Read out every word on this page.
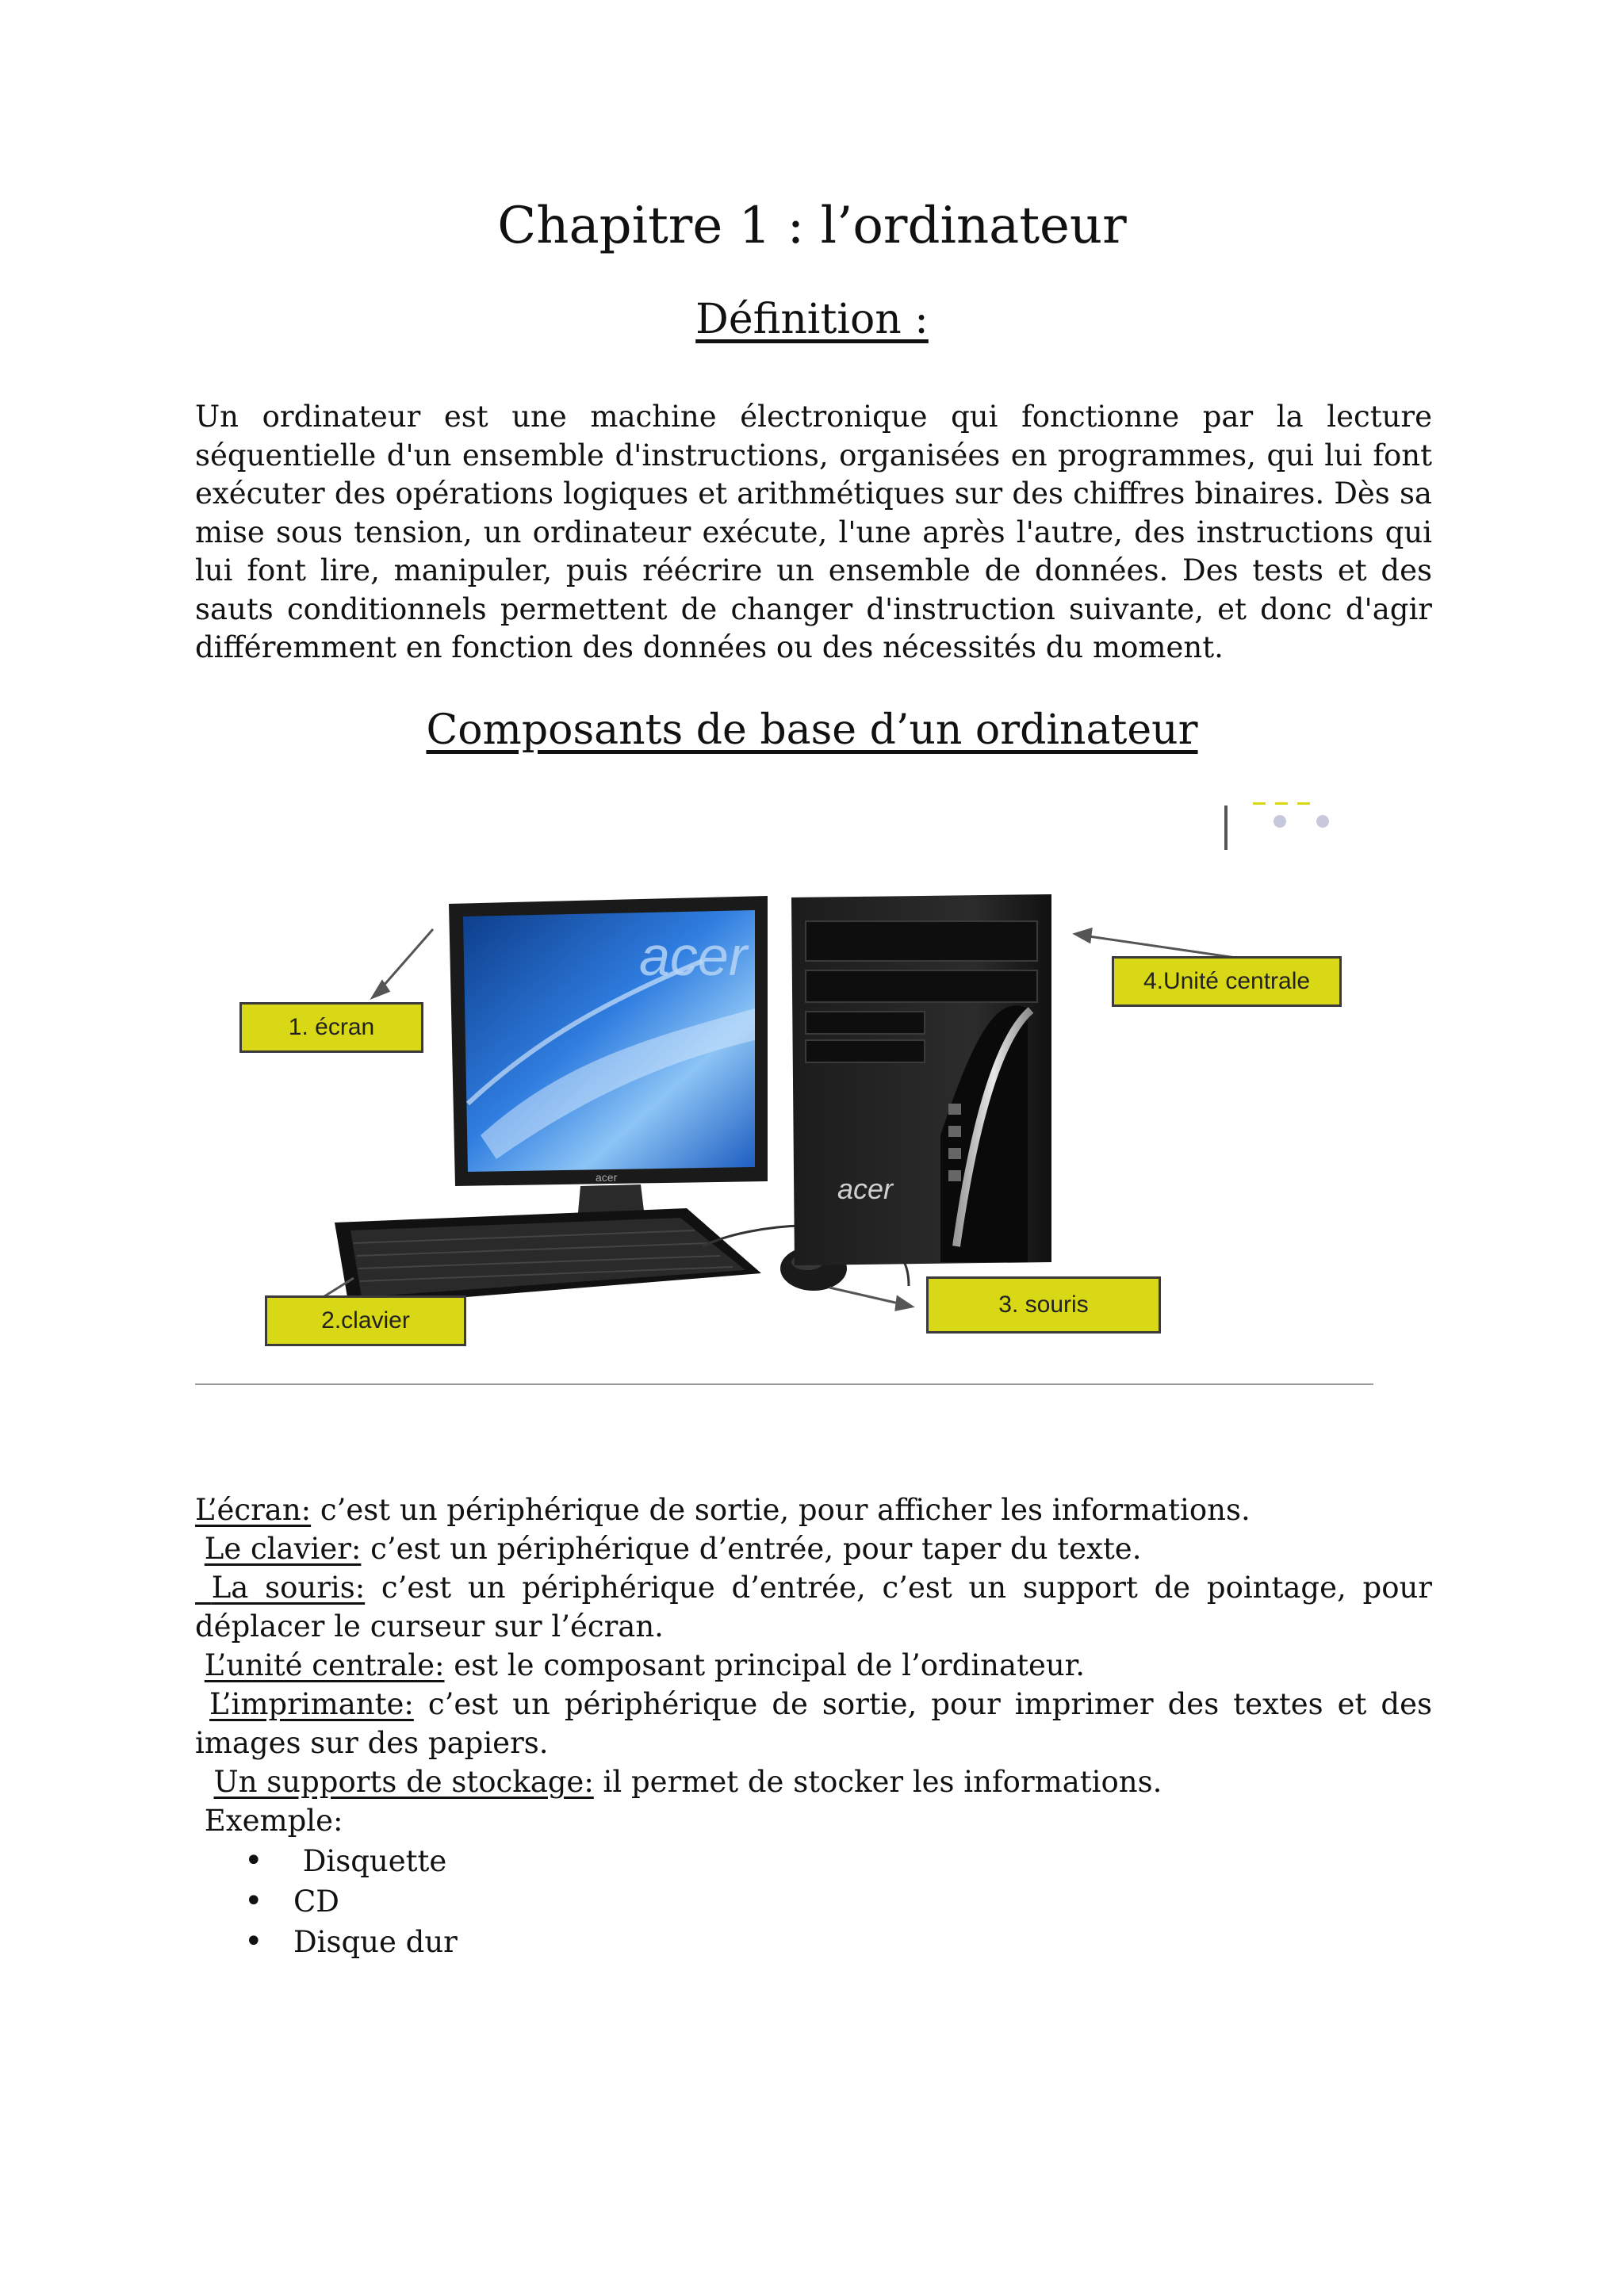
Chapitre 1 : l’ordinateur
Définition :

Un ordinateur est une machine électronique qui fonctionne par la lecture séquentielle d'un ensemble d'instructions, organisées en programmes, qui lui font exécuter des opérations logiques et arithmétiques sur des chiffres binaires. Dès sa mise sous tension, un ordinateur exécute, l'une après l'autre, des instructions qui lui font lire, manipuler, puis réécrire un ensemble de données. Des tests et des sauts conditionnels permettent de changer d'instruction suivante, et donc d'agir différemment en fonction des données ou des nécessités du moment.

Composants de base d’un ordinateur
acer
acer	acer
1. écran
4.Unité centrale
2.clavier
3. souris

L’écran: c’est un périphérique de sortie, pour afficher les informations.

Le clavier: c’est un périphérique d’entrée, pour taper du texte.

La souris: c’est un périphérique d’entrée, c’est un support de pointage, pour déplacer le curseur sur l’écran.

L’unité centrale: est le composant principal de l’ordinateur.

L’imprimante: c’est un périphérique de sortie, pour imprimer des textes et des images sur des papiers.

Un supports de stockage: il permet de stocker les informations.

Exemple:

• Disquette
• CD
• Disque dur
